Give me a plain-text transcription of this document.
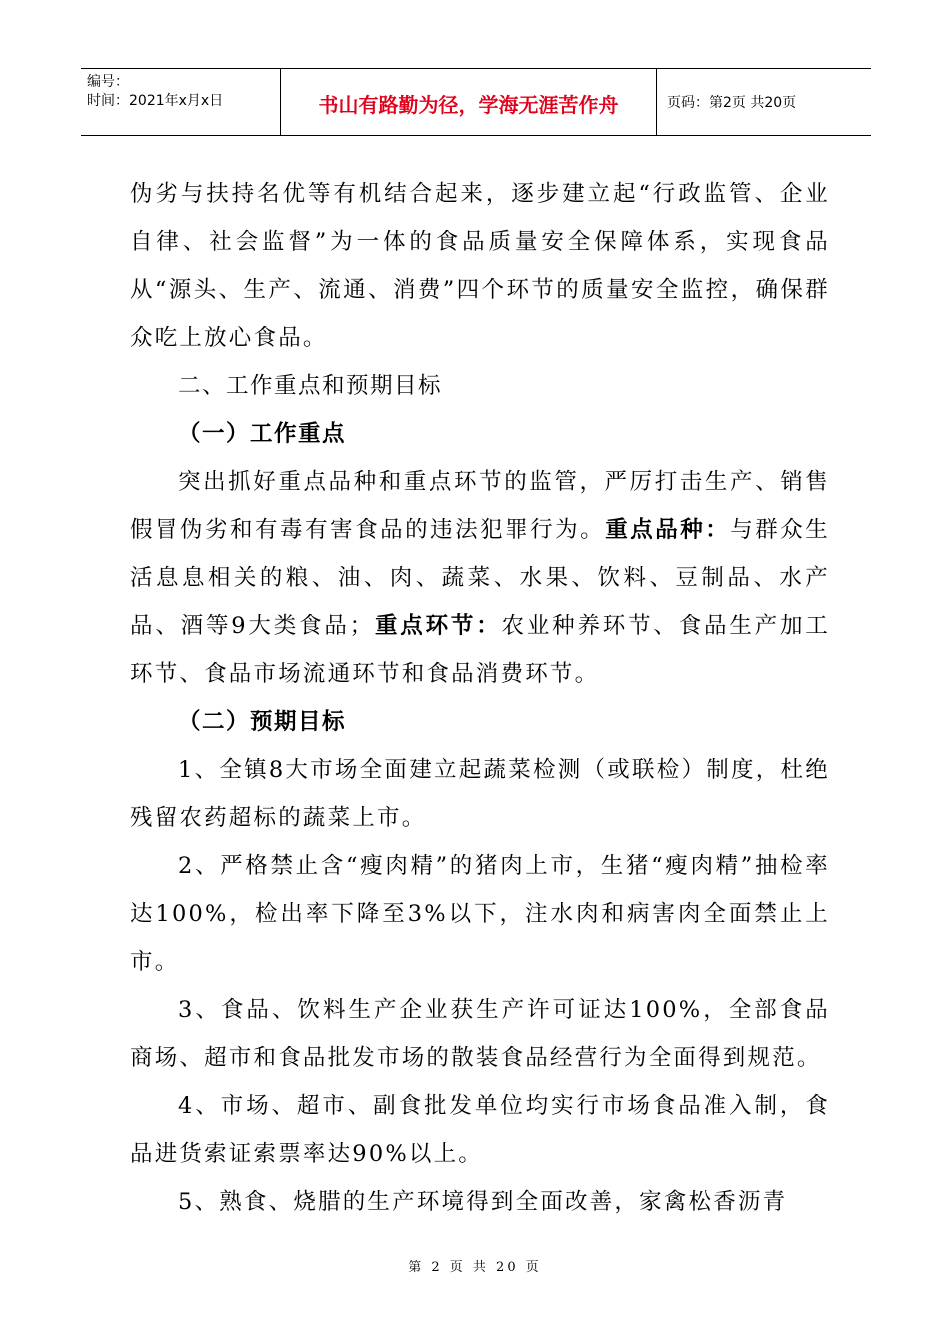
编号：
时间：2021年x月x日	书山有路勤为径，学海无涯苦作舟	页码：第2页 共20页

伪劣与扶持名优等有机结合起来，逐步建立起“行政监管、企业自律、社会监督”为一体的食品质量安全保障体系，实现食品从“源头、生产、流通、消费”四个环节的质量安全监控，确保群众吃上放心食品。

二、工作重点和预期目标
（一）工作重点

突出抓好重点品种和重点环节的监管，严厉打击生产、销售假冒伪劣和有毒有害食品的违法犯罪行为。重点品种：与群众生活息息相关的粮、油、肉、蔬菜、水果、饮料、豆制品、水产品、酒等9大类食品；重点环节：农业种养环节、食品生产加工环节、食品市场流通环节和食品消费环节。

（二）预期目标

1、全镇8大市场全面建立起蔬菜检测（或联检）制度，杜绝残留农药超标的蔬菜上市。

2、严格禁止含“瘦肉精”的猪肉上市，生猪“瘦肉精”抽检率达100%，检出率下降至3%以下，注水肉和病害肉全面禁止上市。

3、食品、饮料生产企业获生产许可证达100%，全部食品商场、超市和食品批发市场的散装食品经营行为全面得到规范。

4、市场、超市、副食批发单位均实行市场食品准入制，食品进货索证索票率达90%以上。

5、熟食、烧腊的生产环境得到全面改善，家禽松香沥青

第 2 页 共 20 页
